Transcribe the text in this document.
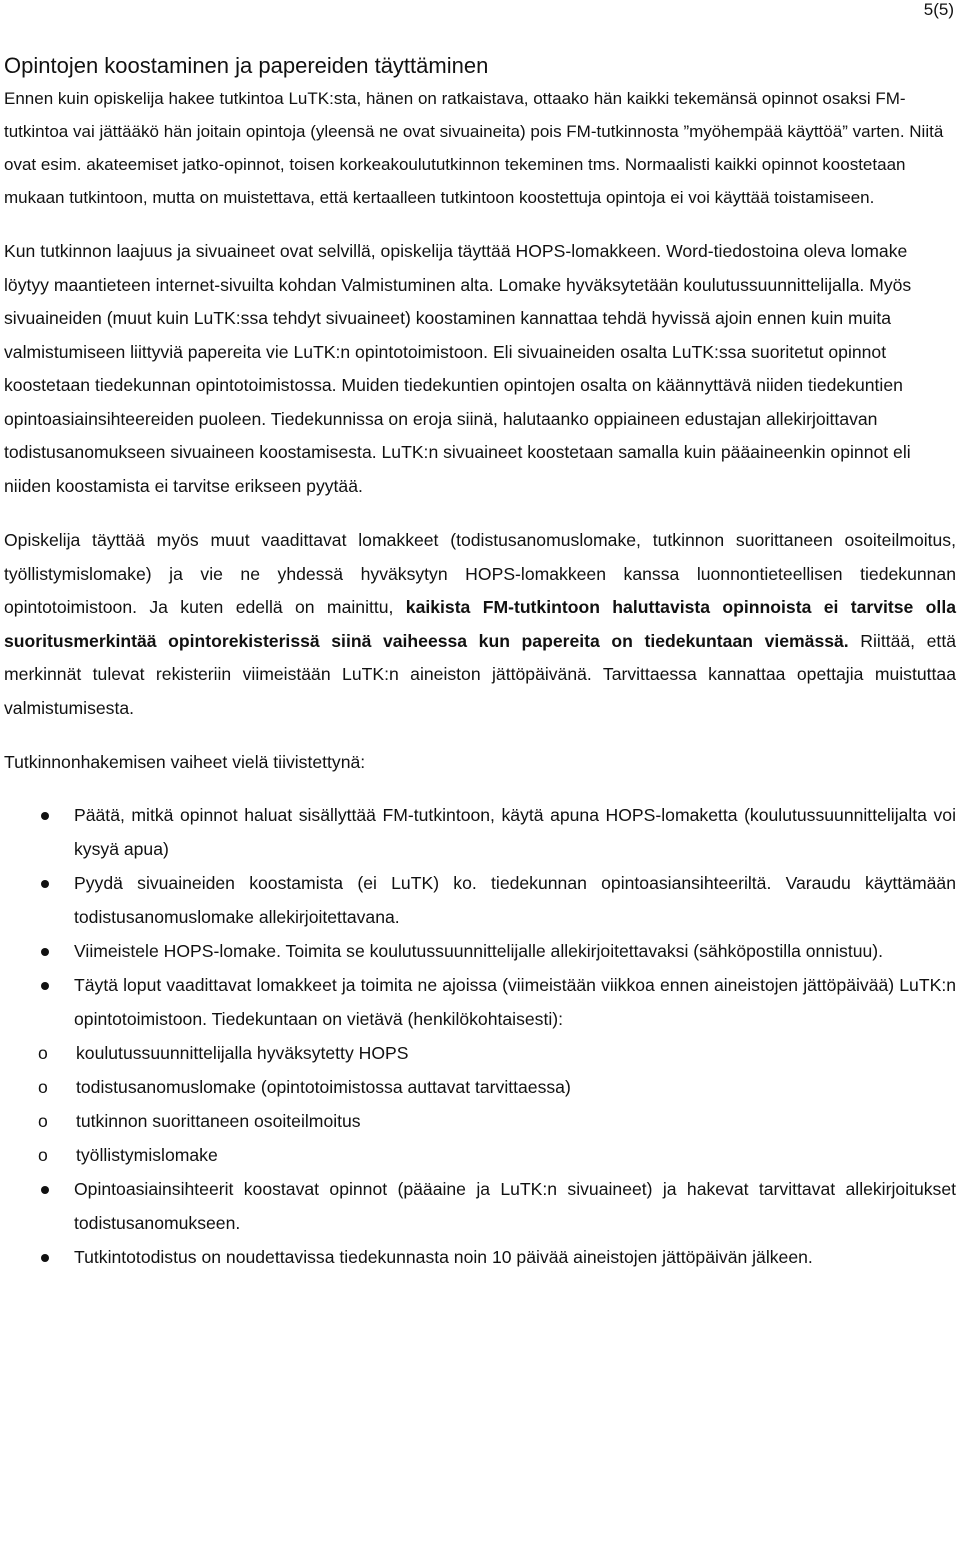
5(5)
Opintojen koostaminen ja papereiden täyttäminen

Ennen kuin opiskelija hakee tutkintoa LuTK:sta, hänen on ratkaistava, ottaako hän kaikki tekemänsä opinnot osaksi FM-tutkintoa vai jättääkö hän joitain opintoja (yleensä ne ovat sivuaineita) pois FM-tutkinnosta ”myöhempää käyttöä” varten. Niitä ovat esim. akateemiset jatko-opinnot, toisen korkeakoulututkinnon tekeminen tms. Normaalisti kaikki opinnot koostetaan mukaan tutkintoon, mutta on muistettava, että kertaalleen tutkintoon koostettuja opintoja ei voi käyttää toistamiseen.

Kun tutkinnon laajuus ja sivuaineet ovat selvillä, opiskelija täyttää HOPS-lomakkeen. Word-tiedostoina oleva lomake löytyy maantieteen internet-sivuilta kohdan Valmistuminen alta. Lomake hyväksytetään koulutussuunnittelijalla. Myös sivuaineiden (muut kuin LuTK:ssa tehdyt sivuaineet) koostaminen kannattaa tehdä hyvissä ajoin ennen kuin muita valmistumiseen liittyviä papereita vie LuTK:n opintotoimistoon. Eli sivuaineiden osalta LuTK:ssa suoritetut opinnot koostetaan tiedekunnan opintotoimistossa. Muiden tiedekuntien opintojen osalta on käännyttävä niiden tiedekuntien opintoasiainsihteereiden puoleen. Tiedekunnissa on eroja siinä, halutaanko oppiaineen edustajan allekirjoittavan todistusanomukseen sivuaineen koostamisesta. LuTK:n sivuaineet koostetaan samalla kuin pääaineenkin opinnot eli niiden koostamista ei tarvitse erikseen pyytää.

Opiskelija täyttää myös muut vaadittavat lomakkeet (todistusanomuslomake, tutkinnon suorittaneen osoiteilmoitus, työllistymislomake) ja vie ne yhdessä hyväksytyn HOPS-lomakkeen kanssa luonnontieteellisen tiedekunnan opintotoimistoon. Ja kuten edellä on mainittu, kaikista FM-tutkintoon haluttavista opinnoista ei tarvitse olla suoritusmerkintää opintorekisterissä siinä vaiheessa kun papereita on tiedekuntaan viemässä. Riittää, että merkinnät tulevat rekisteriin viimeistään LuTK:n aineiston jättöpäivänä. Tarvittaessa kannattaa opettajia muistuttaa valmistumisesta.

Tutkinnonhakemisen vaiheet vielä tiivistettynä:

Päätä, mitkä opinnot haluat sisällyttää FM-tutkintoon, käytä apuna HOPS-lomaketta (koulutussuunnittelijalta voi kysyä apua)
Pyydä sivuaineiden koostamista (ei LuTK) ko. tiedekunnan opintoasiansihteeriltä. Varaudu käyttämään todistusanomuslomake allekirjoitettavana.
Viimeistele HOPS-lomake. Toimita se koulutussuunnittelijalle allekirjoitettavaksi (sähköpostilla onnistuu).
Täytä loput vaadittavat lomakkeet ja toimita ne ajoissa (viimeistään viikkoa ennen aineistojen jättöpäivää) LuTK:n opintotoimistoon. Tiedekuntaan on vietävä (henkilökohtaisesti):
o koulutussuunnittelijalla hyväksytetty HOPS
o todistusanomuslomake (opintotoimistossa auttavat tarvittaessa)
o tutkinnon suorittaneen osoiteilmoitus
o työllistymislomake
Opintoasiainsihteerit koostavat opinnot (pääaine ja LuTK:n sivuaineet) ja hakevat tarvittavat allekirjoitukset todistusanomukseen.
Tutkintotodistus on noudettavissa tiedekunnasta noin 10 päivää aineistojen jättöpäivän jälkeen.
